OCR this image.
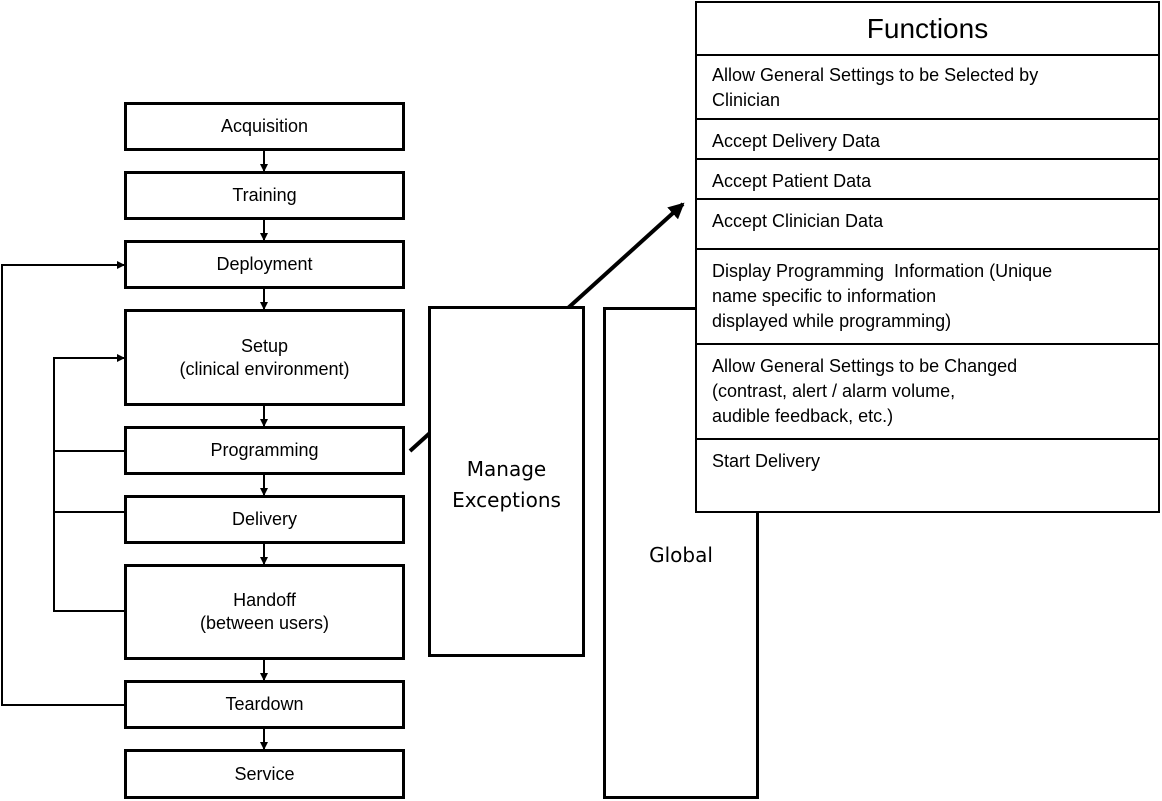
Acquisition
Training
Deployment
Setup
(clinical environment)
Programming
Delivery
Handoff
(between users)
Teardown
Service
Manage
Exceptions
Global
Functions
Allow General Settings to be Selected by
Clinician
Accept Delivery Data
Accept Patient Data
Accept Clinician Data
Display Programming  Information (Unique
name specific to information
displayed while programming)
Allow General Settings to be Changed
(contrast, alert / alarm volume,
audible feedback, etc.)
Start Delivery
